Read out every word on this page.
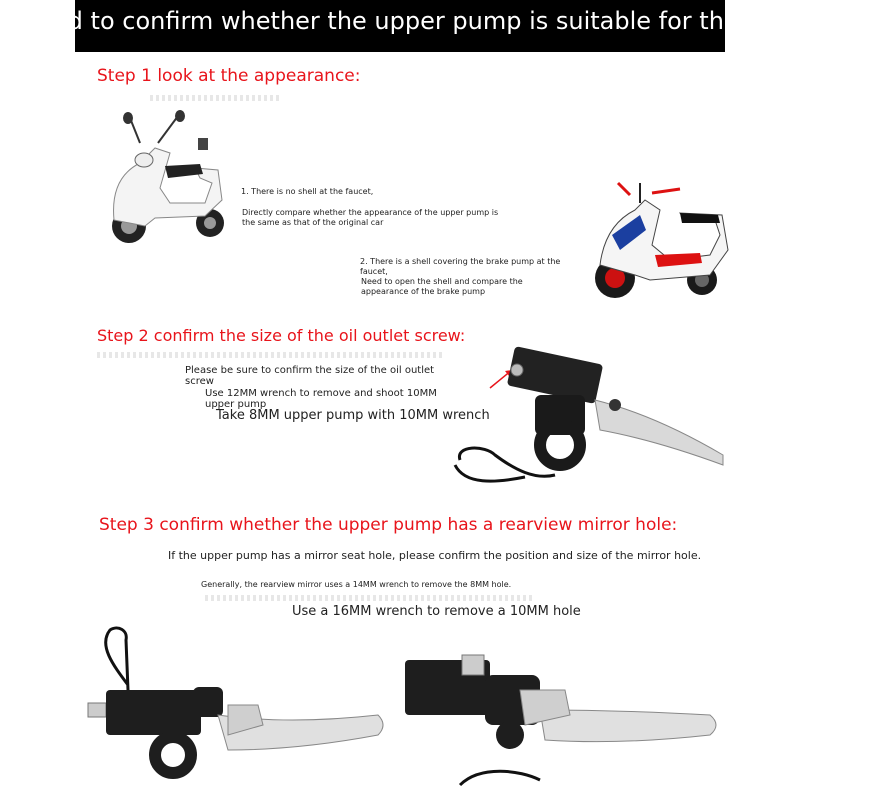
od to confirm whether the upper pump is suitable for the original car
Step 1 look at the appearance:
1. There is no shell at the faucet,
Directly compare whether the appearance of the upper pump is
the same as that of the original car
2. There is a shell covering the brake pump at the
faucet,
Need to open the shell and compare the
appearance of the brake pump
Step 2 confirm the size of the oil outlet screw:
Please be sure to confirm the size of the oil outlet
screw
Use 12MM wrench to remove and shoot 10MM
upper pump
Take 8MM upper pump with 10MM wrench
Step 3 confirm whether the upper pump has a rearview mirror hole:
If the upper pump has a mirror seat hole, please confirm the position and size of the mirror hole.
Generally, the rearview mirror uses a 14MM wrench to remove the 8MM hole.
Use a 16MM wrench to remove a 10MM hole
